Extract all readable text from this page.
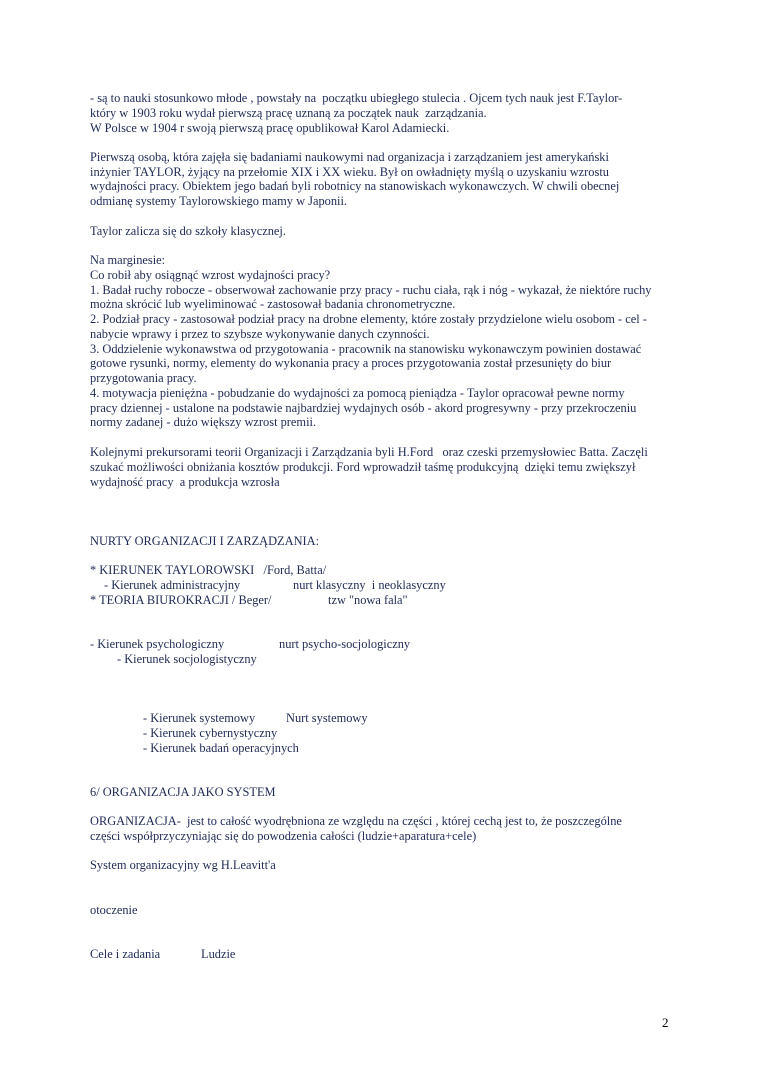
- są to nauki stosunkowo młode , powstały na  początku ubiegłego stulecia . Ojcem tych nauk jest F.Taylor-
który w 1903 roku wydał pierwszą pracę uznaną za początek nauk  zarządzania.
W Polsce w 1904 r swoją pierwszą pracę opublikował Karol Adamiecki.
Pierwszą osobą, która zajęła się badaniami naukowymi nad organizacja i zarządzaniem jest amerykański
inżynier TAYLOR, żyjący na przełomie XIX i XX wieku. Był on owładnięty myślą o uzyskaniu wzrostu
wydajności pracy. Obiektem jego badań byli robotnicy na stanowiskach wykonawczych. W chwili obecnej
odmianę systemy Taylorowskiego mamy w Japonii.
Taylor zalicza się do szkoły klasycznej.
Na marginesie:
Co robił aby osiągnąć wzrost wydajności pracy?
1. Badał ruchy robocze - obserwował zachowanie przy pracy - ruchu ciała, rąk i nóg - wykazał, że niektóre ruchy
można skrócić lub wyeliminować - zastosował badania chronometryczne.
2. Podział pracy - zastosował podział pracy na drobne elementy, które zostały przydzielone wielu osobom - cel -
nabycie wprawy i przez to szybsze wykonywanie danych czynności.
3. Oddzielenie wykonawstwa od przygotowania - pracownik na stanowisku wykonawczym powinien dostawać
gotowe rysunki, normy, elementy do wykonania pracy a proces przygotowania został przesunięty do biur
przygotowania pracy.
4. motywacja pieniężna - pobudzanie do wydajności za pomocą pieniądza - Taylor opracował pewne normy
pracy dziennej - ustalone na podstawie najbardziej wydajnych osób - akord progresywny - przy przekroczeniu
normy zadanej - dużo większy wzrost premii.
Kolejnymi prekursorami teorii Organizacji i Zarządzania byli H.Ford   oraz czeski przemysłowiec Batta. Zaczęli
szukać możliwości obniżania kosztów produkcji. Ford wprowadził taśmę produkcyjną  dzięki temu zwiększył
wydajność pracy  a produkcja wzrosła
NURTY ORGANIZACJI I ZARZĄDZANIA:
* KIERUNEK TAYLOROWSKI   /Ford, Batta/
- Kierunek administracyjny	nurt klasyczny  i neoklasyczny
* TEORIA BIUROKRACJI / Beger/	tzw "nowa fala"
- Kierunek psychologiczny	nurt psycho-socjologiczny
- Kierunek socjologistyczny
- Kierunek systemowy Nurt systemowy
- Kierunek cybernystyczny
- Kierunek badań operacyjnych
6/ ORGANIZACJA JAKO SYSTEM
ORGANIZACJA-  jest to całość wyodrębniona ze względu na części , której cechą jest to, że poszczególne
części współprzyczyniając się do powodzenia całości (ludzie+aparatura+cele)
System organizacyjny wg H.Leavitt'a
otoczenie
Cele i zadania	Ludzie
2
